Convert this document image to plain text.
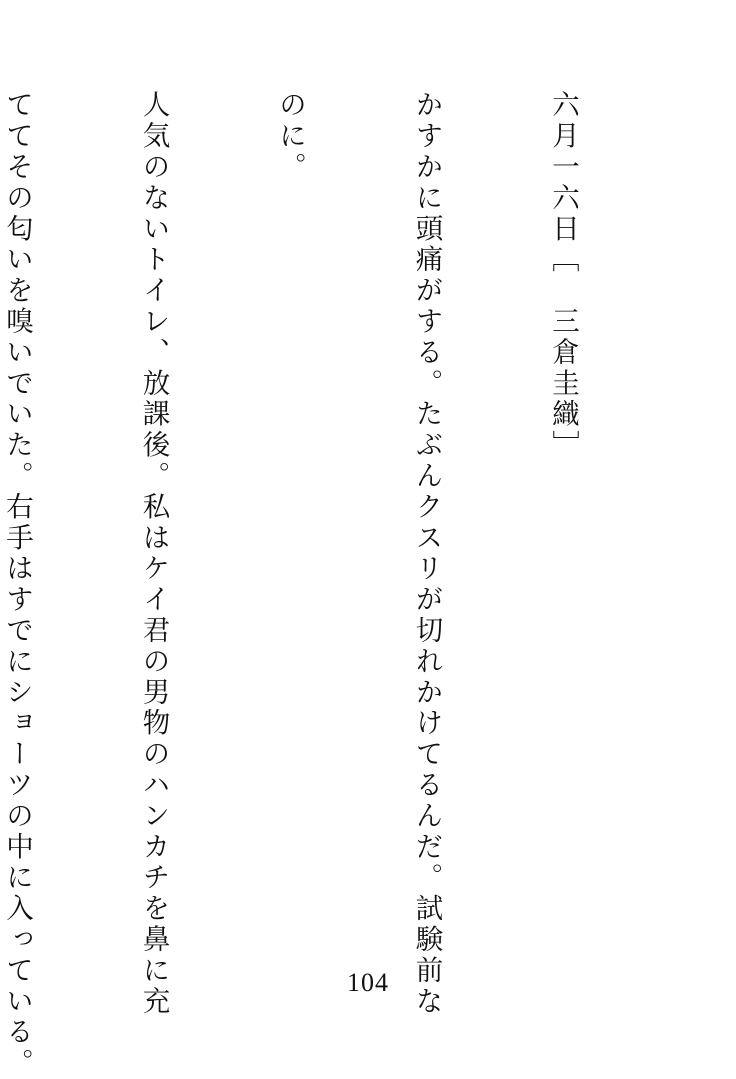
六月一六日［　三倉圭織］

かすかに頭痛がする。たぶんクスリが切れかけてるんだ。試験前な

のに。

人気のないトイレ、放課後。私はケイ君の男物のハンカチを鼻に充

ててその匂いを嗅いでいた。右手はすでにショーツの中に入っている。

	104
